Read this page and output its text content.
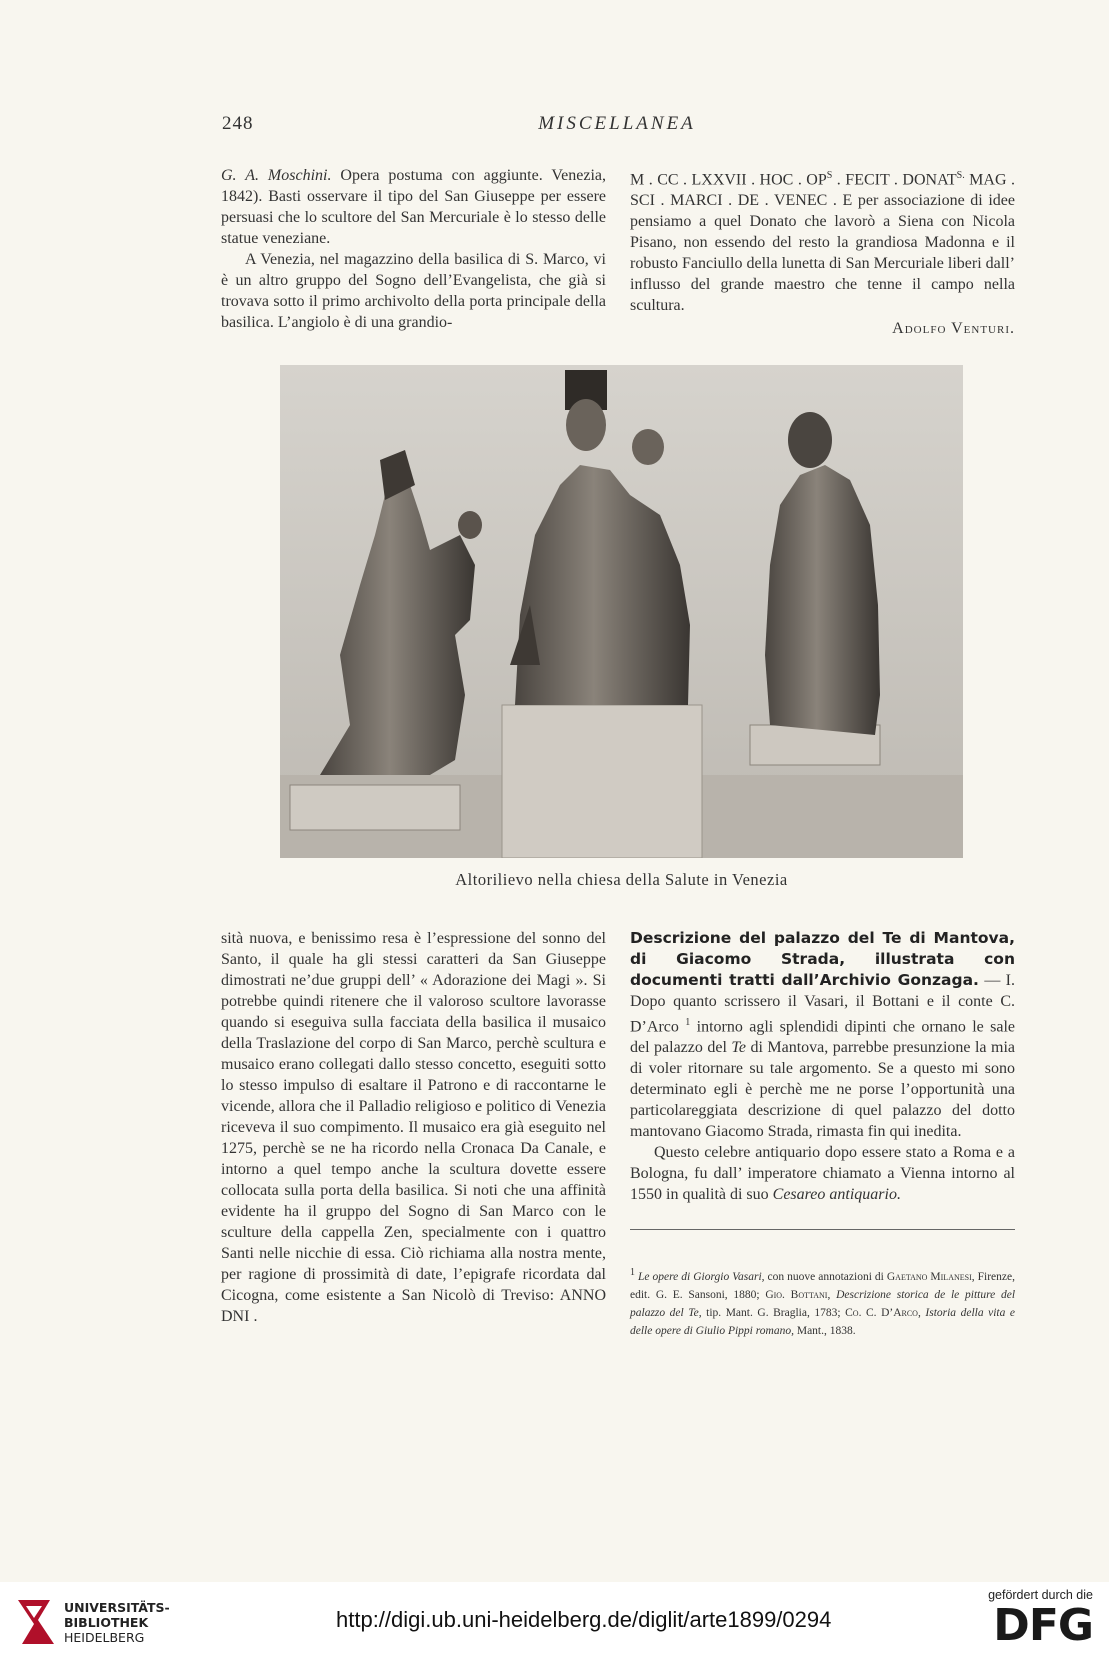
248	MISCELLANEA

G. A. Moschini. Opera postuma con aggiunte. Venezia, 1842). Basti osservare il tipo del San Giuseppe per essere persuasi che lo scultore del San Mercuriale è lo stesso delle statue veneziane.

A Venezia, nel magazzino della basilica di S. Marco, vi è un altro gruppo del Sogno dell’Evangelista, che già si trovava sotto il primo archivolto della porta principale della basilica. L’angiolo è di una grandio-

M . CC . LXXVII . HOC . $OP^S$ . FECIT . $DONAT^{S.}$ MAG . SCI . MARCI . DE . VENEC . E per associazione di idee pensiamo a quel Donato che lavorò a Siena con Nicola Pisano, non essendo del resto la grandiosa Madonna e il robusto Fanciullo della lunetta di San Mercuriale liberi dall’ influsso del grande maestro che tenne il campo nella scultura.

Adolfo Venturi.

Altorilievo nella chiesa della Salute in Venezia

sità nuova, e benissimo resa è l’espressione del sonno del Santo, il quale ha gli stessi caratteri da San Giuseppe dimostrati ne’due gruppi dell’ « Adorazione dei Magi ». Si potrebbe quindi ritenere che il valoroso scultore lavorasse quando si eseguiva sulla facciata della basilica il musaico della Traslazione del corpo di San Marco, perchè scultura e musaico erano collegati dallo stesso concetto, eseguiti sotto lo stesso impulso di esaltare il Patrono e di raccontarne le vicende, allora che il Palladio religioso e politico di Venezia riceveva il suo compimento. Il musaico era già eseguito nel 1275, perchè se ne ha ricordo nella Cronaca Da Canale, e intorno a quel tempo anche la scultura dovette essere collocata sulla porta della basilica. Si noti che una affinità evidente ha il gruppo del Sogno di San Marco con le sculture della cappella Zen, specialmente con i quattro Santi nelle nicchie di essa. Ciò richiama alla nostra mente, per ragione di prossimità di date, l’epigrafe ricordata dal Cicogna, come esistente a San Nicolò di Treviso: ANNO DNI .

Descrizione del palazzo del Te di Mantova, di Giacomo Strada, illustrata con documenti tratti dall’Archivio Gonzaga. — I. Dopo quanto scrissero il Vasari, il Bottani e il conte C. D’Arco $^1$ intorno agli splendidi dipinti che ornano le sale del palazzo del Te di Mantova, parrebbe presunzione la mia di voler ritornare su tale argomento. Se a questo mi sono determinato egli è perchè me ne porse l’opportunità una particolareggiata descrizione di quel palazzo del dotto mantovano Giacomo Strada, rimasta fin qui inedita.

Questo celebre antiquario dopo essere stato a Roma e a Bologna, fu dall’ imperatore chiamato a Vienna intorno al 1550 in qualità di suo Cesareo antiquario.

1 Le opere di Giorgio Vasari, con nuove annotazioni di Gaetano Milanesi, Firenze, edit. G. E. Sansoni, 1880; Gio. Bottani, Descrizione storica de le pitture del palazzo del Te, tip. Mant. G. Braglia, 1783; Co. C. D’Arco, Istoria della vita e delle opere di Giulio Pippi romano, Mant., 1838.
UNIVERSITÄTS-
BIBLIOTHEK
HEIDELBERG
http://digi.ub.uni-heidelberg.de/diglit/arte1899/0294
gefördert durch die
DFG
